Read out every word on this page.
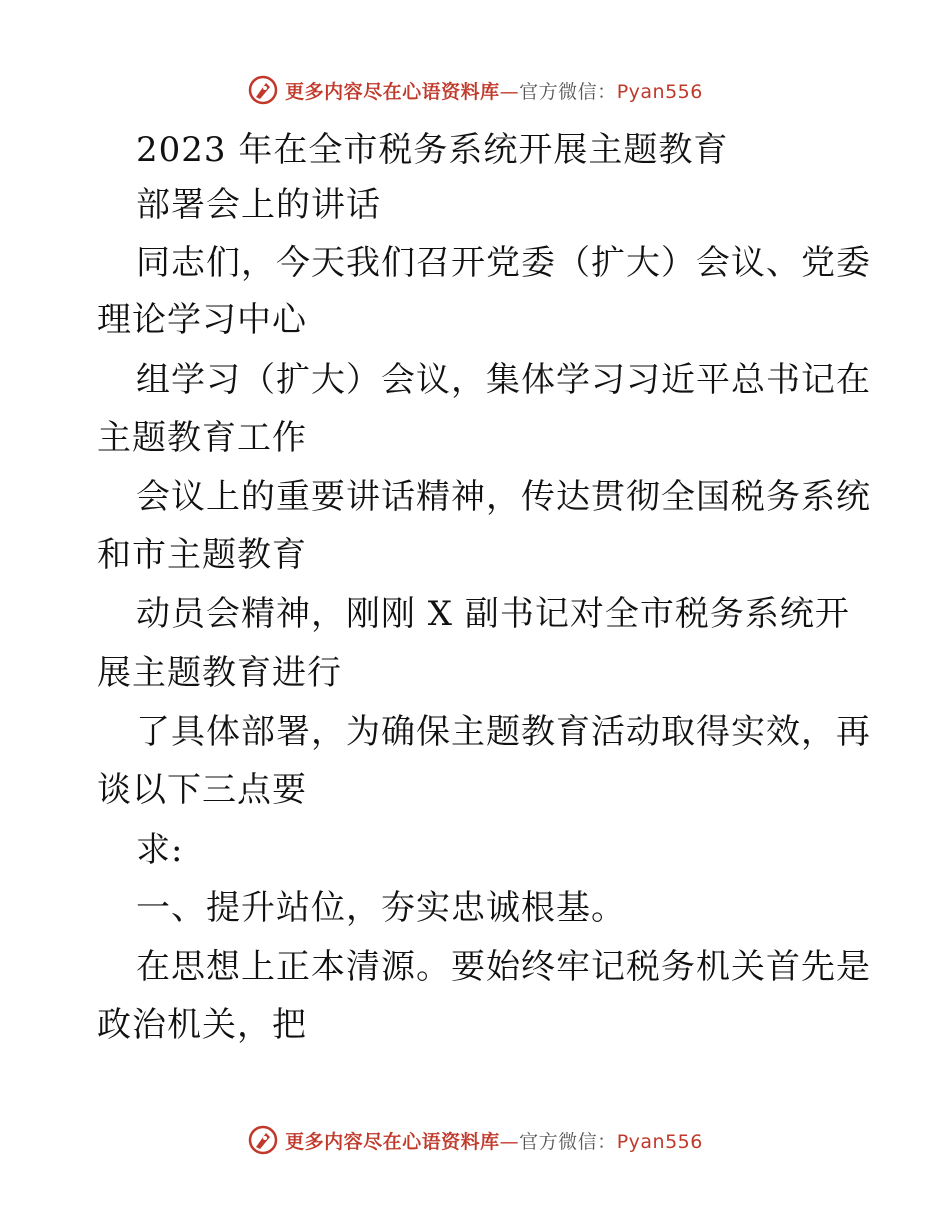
更多内容尽在心语资料库—官方微信：Pyan556
2023 年在全市税务系统开展主题教育
部署会上的讲话
同志们，今天我们召开党委（扩大）会议、党委
理论学习中心
组学习（扩大）会议，集体学习习近平总书记在
主题教育工作
会议上的重要讲话精神，传达贯彻全国税务系统
和市主题教育
动员会精神，刚刚 X 副书记对全市税务系统开
展主题教育进行
了具体部署，为确保主题教育活动取得实效，再
谈以下三点要
求:
一、提升站位，夯实忠诚根基。
在思想上正本清源。要始终牢记税务机关首先是
政治机关，把
更多内容尽在心语资料库—官方微信：Pyan556
